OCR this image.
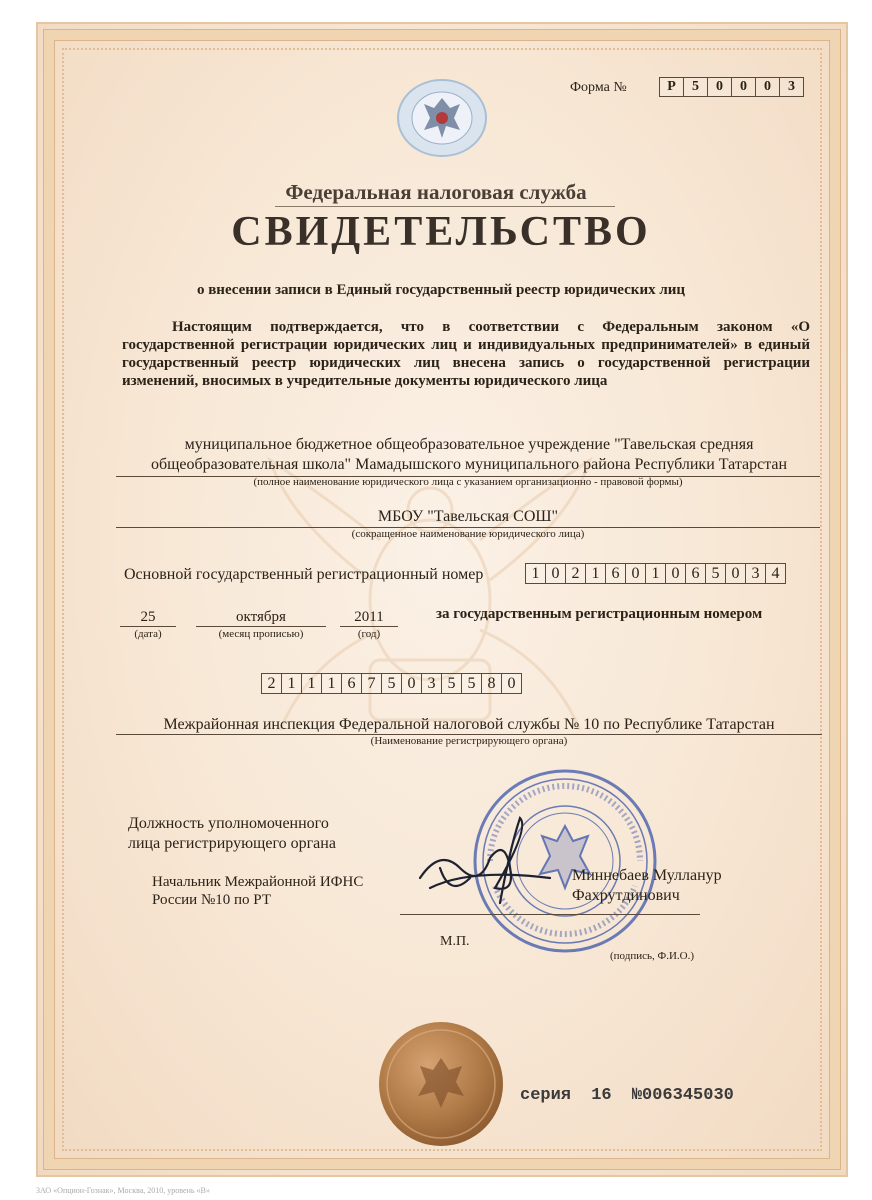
Форма №	Р	5	0	0	0	3
Федеральная налоговая служба
СВИДЕТЕЛЬСТВО
о внесении записи в Единый государственный реестр юридических лиц
Настоящим подтверждается, что в соответствии с Федеральным законом «О государственной регистрации юридических лиц и индивидуальных предпринимателей» в единый государственный реестр юридических лиц внесена запись о государственной регистрации изменений, вносимых в учредительные документы юридического лица
муниципальное бюджетное общеобразовательное учреждение "Тавельская средняя общеобразовательная школа" Мамадышского муниципального района Республики Татарстан
(полное наименование юридического лица с указанием организационно - правовой формы)
МБОУ "Тавельская СОШ"
(сокращенное наименование юридического лица)
Основной государственный регистрационный номер	1 0 2 1 6 0 1 0 6 5 0 3 4
25
(дата)
октября
(месяц прописью)
2011
(год)
за государственным регистрационным номером
2 1 1 1 6 7 5 0 3 5 5 8 0
Межрайонная инспекция Федеральной налоговой службы № 10 по Республике Татарстан
(Наименование регистрирующего органа)
Должность уполномоченного
лица регистрирующего органа
Начальник Межрайонной ИФНС
России №10 по РТ
Миннебаев Мулланур
Фахрутдинович
М.П.
(подпись, Ф.И.О.)
серия 16 №006345030
ЗАО «Опцион-Гознак», Москва, 2010, уровень «В»
